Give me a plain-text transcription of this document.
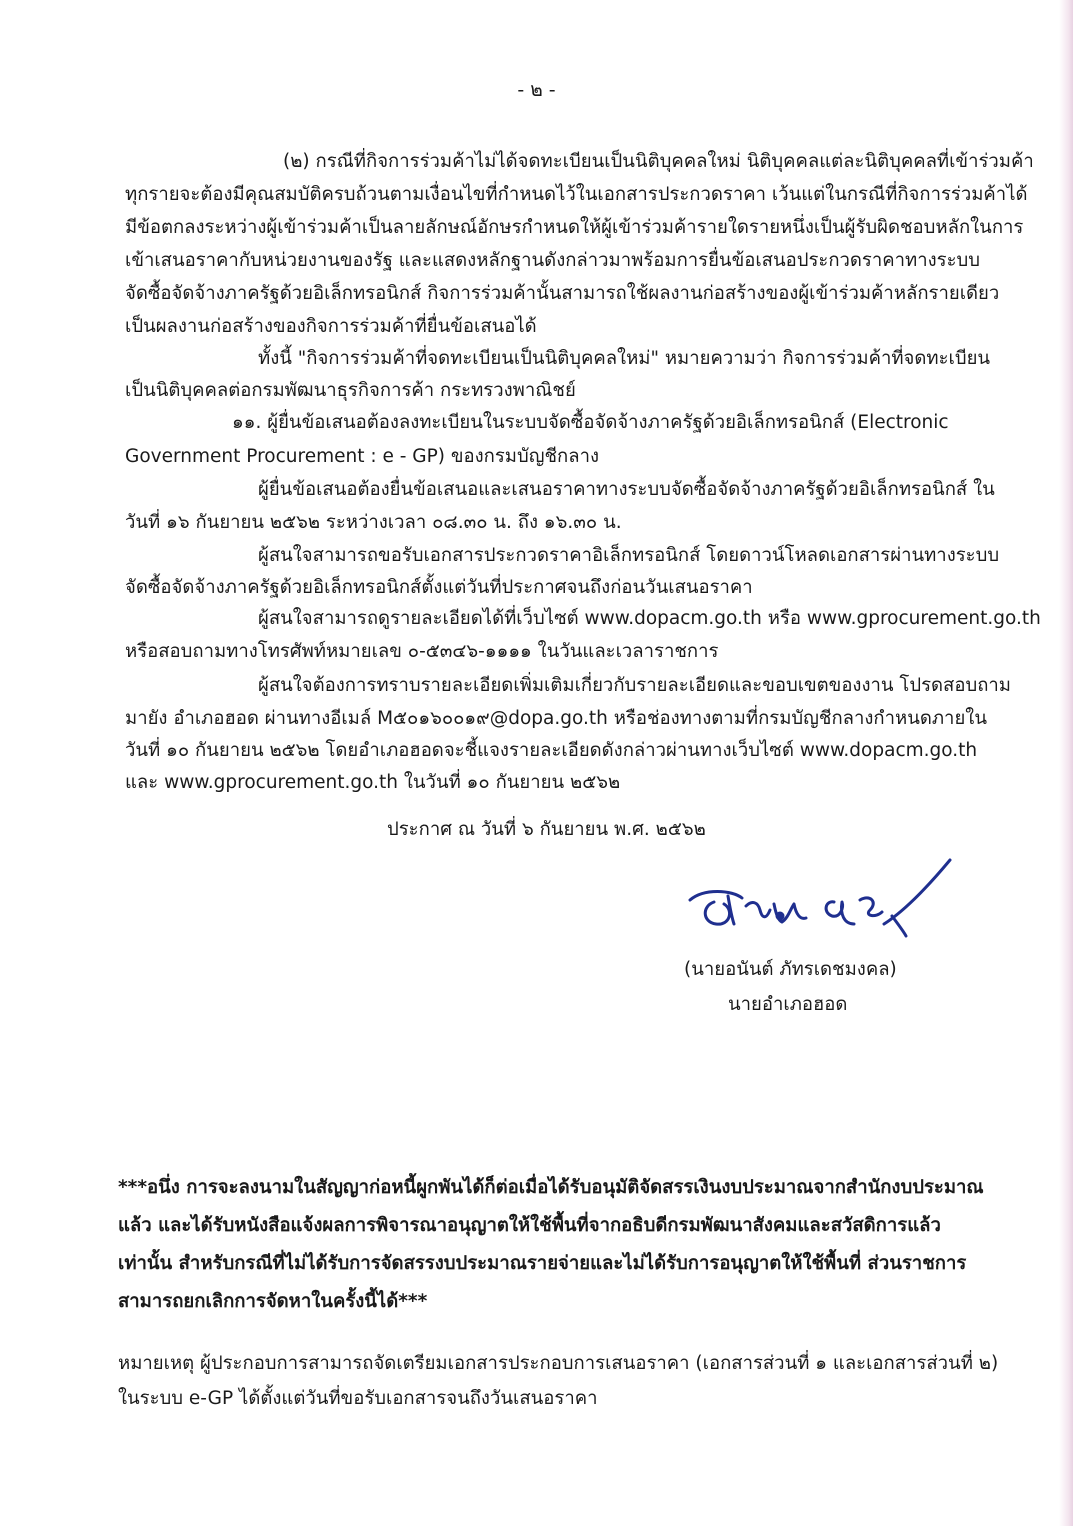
- ๒ -
(๒) กรณีที่กิจการร่วมค้าไม่ได้จดทะเบียนเป็นนิติบุคคลใหม่ นิติบุคคลแต่ละนิติบุคคลที่เข้าร่วมค้า
ทุกรายจะต้องมีคุณสมบัติครบถ้วนตามเงื่อนไขที่กำหนดไว้ในเอกสารประกวดราคา เว้นแต่ในกรณีที่กิจการร่วมค้าได้
มีข้อตกลงระหว่างผู้เข้าร่วมค้าเป็นลายลักษณ์อักษรกำหนดให้ผู้เข้าร่วมค้ารายใดรายหนึ่งเป็นผู้รับผิดชอบหลักในการ
เข้าเสนอราคากับหน่วยงานของรัฐ และแสดงหลักฐานดังกล่าวมาพร้อมการยื่นข้อเสนอประกวดราคาทางระบบ
จัดซื้อจัดจ้างภาครัฐด้วยอิเล็กทรอนิกส์ กิจการร่วมค้านั้นสามารถใช้ผลงานก่อสร้างของผู้เข้าร่วมค้าหลักรายเดียว
เป็นผลงานก่อสร้างของกิจการร่วมค้าที่ยื่นข้อเสนอได้
ทั้งนี้ "กิจการร่วมค้าที่จดทะเบียนเป็นนิติบุคคลใหม่" หมายความว่า กิจการร่วมค้าที่จดทะเบียน
เป็นนิติบุคคลต่อกรมพัฒนาธุรกิจการค้า กระทรวงพาณิชย์
๑๑. ผู้ยื่นข้อเสนอต้องลงทะเบียนในระบบจัดซื้อจัดจ้างภาครัฐด้วยอิเล็กทรอนิกส์ (Electronic
Government Procurement : e - GP) ของกรมบัญชีกลาง
ผู้ยื่นข้อเสนอต้องยื่นข้อเสนอและเสนอราคาทางระบบจัดซื้อจัดจ้างภาครัฐด้วยอิเล็กทรอนิกส์ ใน
วันที่ ๑๖ กันยายน ๒๕๖๒ ระหว่างเวลา ๐๘.๓๐ น. ถึง ๑๖.๓๐ น.
ผู้สนใจสามารถขอรับเอกสารประกวดราคาอิเล็กทรอนิกส์ โดยดาวน์โหลดเอกสารผ่านทางระบบ
จัดซื้อจัดจ้างภาครัฐด้วยอิเล็กทรอนิกส์ตั้งแต่วันที่ประกาศจนถึงก่อนวันเสนอราคา
ผู้สนใจสามารถดูรายละเอียดได้ที่เว็บไซต์ www.dopacm.go.th หรือ www.gprocurement.go.th
หรือสอบถามทางโทรศัพท์หมายเลข ๐-๕๓๔๖-๑๑๑๑ ในวันและเวลาราชการ
ผู้สนใจต้องการทราบรายละเอียดเพิ่มเติมเกี่ยวกับรายละเอียดและขอบเขตของงาน โปรดสอบถาม
มายัง อำเภอฮอด ผ่านทางอีเมล์ M๕๐๑๖๐๐๑๙@dopa.go.th หรือช่องทางตามที่กรมบัญชีกลางกำหนดภายใน
วันที่ ๑๐ กันยายน ๒๕๖๒ โดยอำเภอฮอดจะชี้แจงรายละเอียดดังกล่าวผ่านทางเว็บไซต์ www.dopacm.go.th
และ www.gprocurement.go.th ในวันที่ ๑๐ กันยายน ๒๕๖๒
ประกาศ ณ วันที่ ๖ กันยายน พ.ศ. ๒๕๖๒
(นายอนันต์ ภัทรเดชมงคล)
นายอำเภอฮอด
***อนึ่ง การจะลงนามในสัญญาก่อหนี้ผูกพันได้ก็ต่อเมื่อได้รับอนุมัติจัดสรรเงินงบประมาณจากสำนักงบประมาณ
แล้ว และได้รับหนังสือแจ้งผลการพิจารณาอนุญาตให้ใช้พื้นที่จากอธิบดีกรมพัฒนาสังคมและสวัสดิการแล้ว
เท่านั้น สำหรับกรณีที่ไม่ได้รับการจัดสรรงบประมาณรายจ่ายและไม่ได้รับการอนุญาตให้ใช้พื้นที่ ส่วนราชการ
สามารถยกเลิกการจัดหาในครั้งนี้ได้***
หมายเหตุ ผู้ประกอบการสามารถจัดเตรียมเอกสารประกอบการเสนอราคา (เอกสารส่วนที่ ๑ และเอกสารส่วนที่ ๒)
ในระบบ e-GP ได้ตั้งแต่วันที่ขอรับเอกสารจนถึงวันเสนอราคา
